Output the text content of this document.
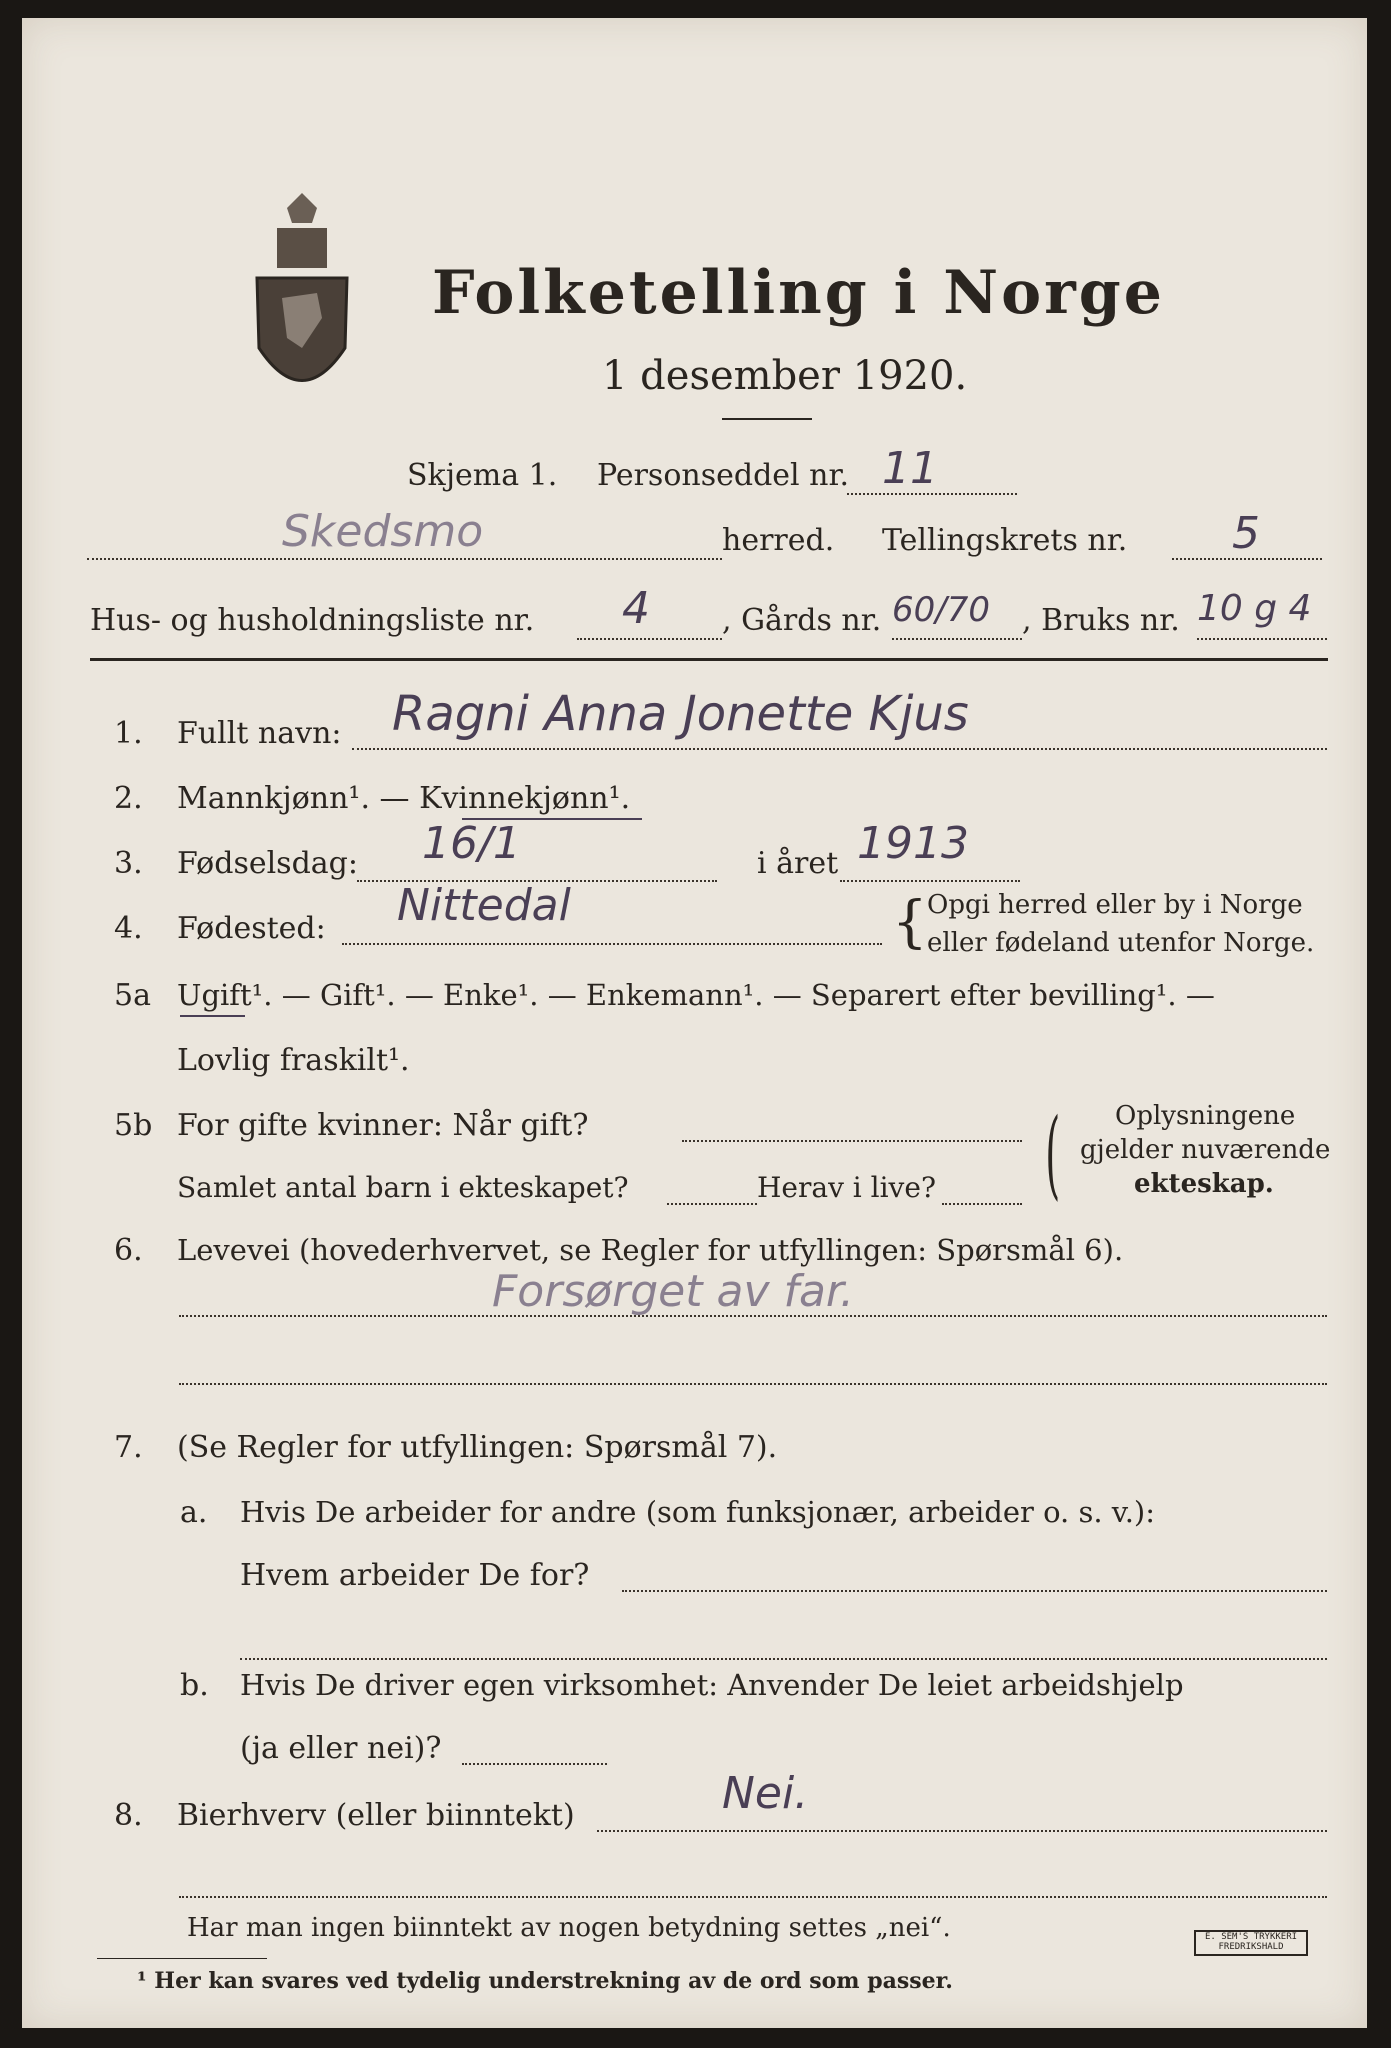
Folketelling i Norge
1 desember 1920.
Skjema 1. Personseddel nr. 11
Skedsmo	herred. Tellingskrets nr. 5
Hus- og husholdningsliste nr. 4 , Gårds nr. 60/70 , Bruks nr. 10 g 4
1. Fullt navn: Ragni Anna Jonette Kjus
2. Mannkjønn¹. — Kvinnekjønn¹.
3. Fødselsdag: 16/1	i året 1913
4. Fødested: Nittedal	{ Opgi herred eller by i Norge
eller fødeland utenfor Norge.
5a Ugift¹. — Gift¹. — Enke¹. — Enkemann¹. — Separert efter bevilling¹. —
Lovlig fraskilt¹.
5b For gifte kvinner: Når gift?
Samlet antal barn i ekteskapet?	Herav i live? ( Oplysningene
gjelder nuværende
ekteskap.
6. Levevei (hovederhvervet, se Regler for utfyllingen: Spørsmål 6).
Forsørget av far.
7. (Se Regler for utfyllingen: Spørsmål 7).
a. Hvis De arbeider for andre (som funksjonær, arbeider o. s. v.):
Hvem arbeider De for?
b. Hvis De driver egen virksomhet: Anvender De leiet arbeidshjelp
(ja eller nei)?
8. Bierhverv (eller biinntekt)	Nei.
Har man ingen biinntekt av nogen betydning settes „nei“.
¹ Her kan svares ved tydelig understrekning av de ord som passer.
E. SEM'S TRYKKERI FREDRIKSHALD
